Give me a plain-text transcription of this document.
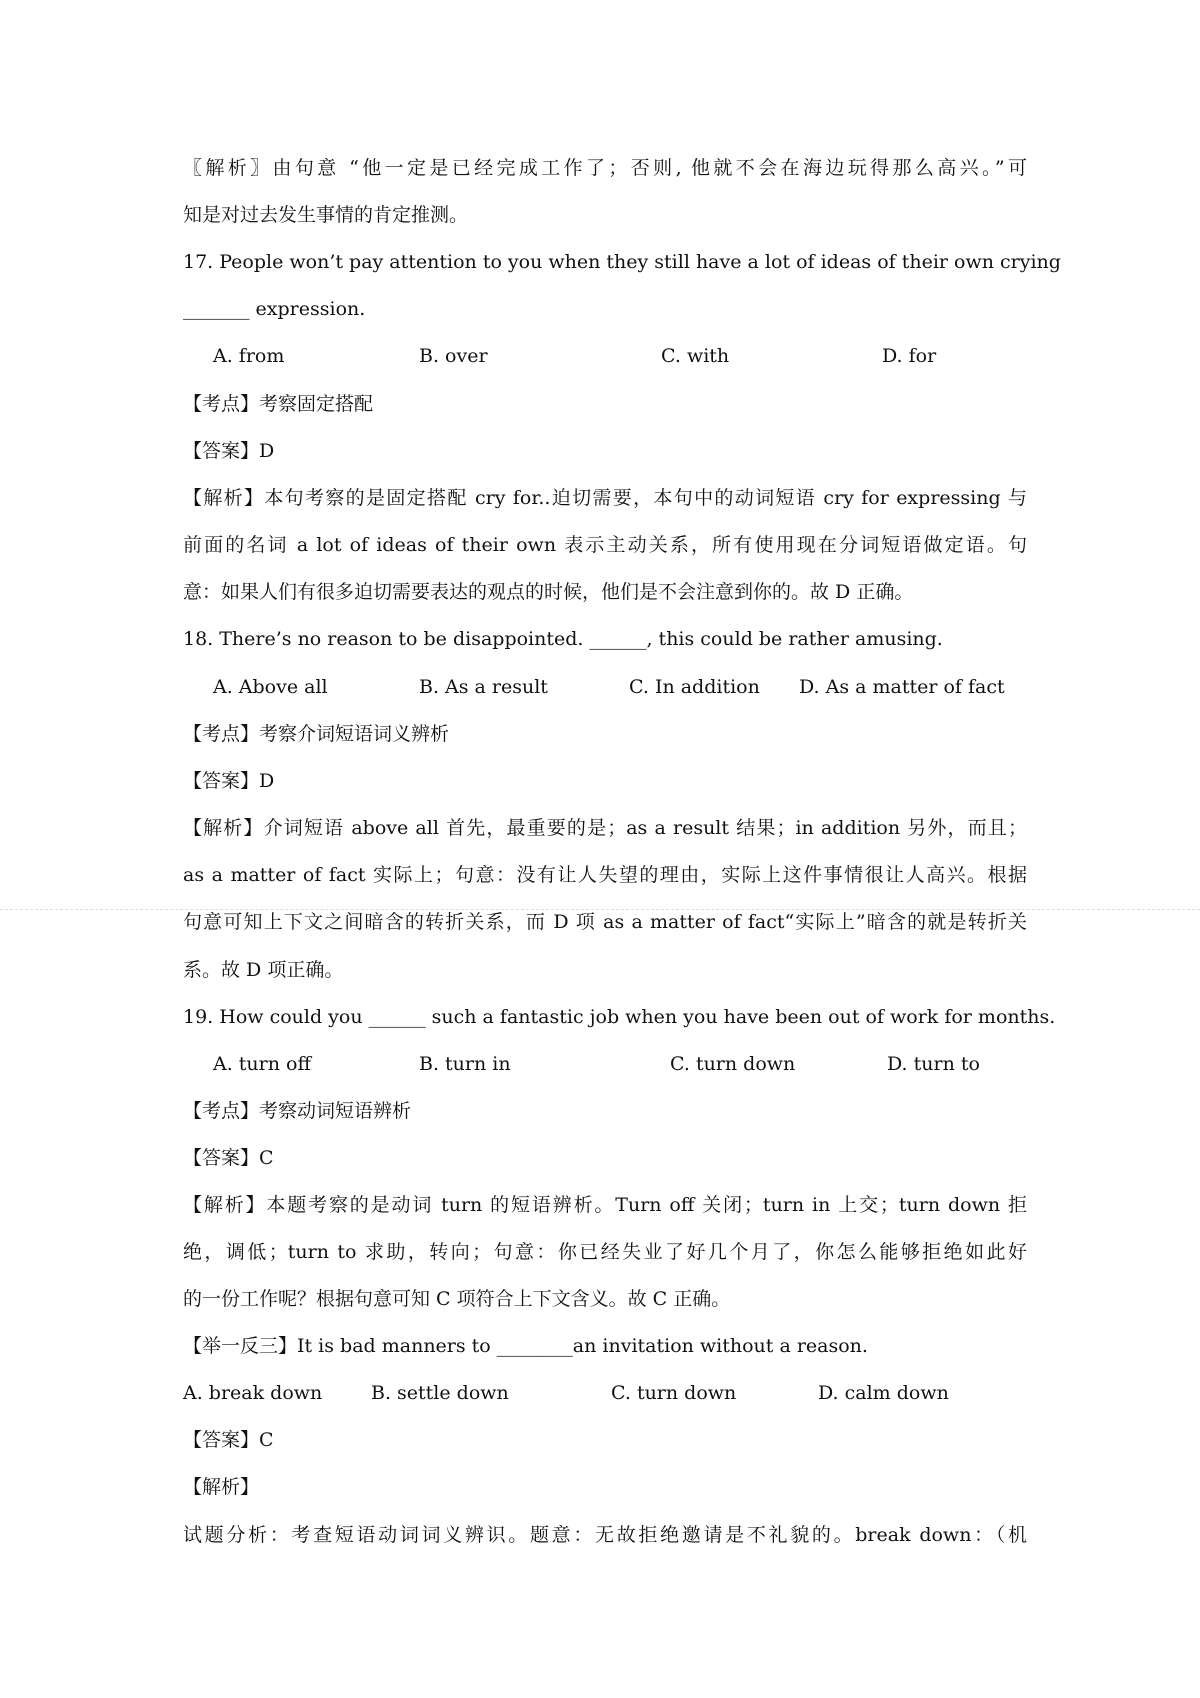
〖解析〗由句意 “他一定是已经完成工作了；否则, 他就不会在海边玩得那么高兴。”可

知是对过去发生事情的肯定推测。

17. People won’t pay attention to you when they still have a lot of ideas of their own crying

_______ expression.

A. from	B. over	C. with	D. for

【考点】考察固定搭配

【答案】D

【解析】本句考察的是固定搭配 cry for..迫切需要，本句中的动词短语 cry for expressing 与

前面的名词 a lot of ideas of their own 表示主动关系，所有使用现在分词短语做定语。句

意：如果人们有很多迫切需要表达的观点的时候，他们是不会注意到你的。故 D 正确。

18. There’s no reason to be disappointed. ______, this could be rather amusing.

A. Above all	B. As a result	C. In addition D. As a matter of fact

【考点】考察介词短语词义辨析

【答案】D

【解析】介词短语 above all 首先，最重要的是；as a result 结果；in addition 另外，而且；

as a matter of fact 实际上；句意：没有让人失望的理由，实际上这件事情很让人高兴。根据

句意可知上下文之间暗含的转折关系，而 D 项 as a matter of fact“实际上”暗含的就是转折关

系。故 D 项正确。

19. How could you ______ such a fantastic job when you have been out of work for months.

A. turn off	B. turn in	C. turn down	D. turn to

【考点】考察动词短语辨析

【答案】C

【解析】本题考察的是动词 turn 的短语辨析。Turn off 关闭；turn in 上交；turn down 拒

绝，调低；turn to 求助，转向；句意：你已经失业了好几个月了，你怎么能够拒绝如此好

的一份工作呢？根据句意可知 C 项符合上下文含义。故 C 正确。

【举一反三】It is bad manners to ________an invitation without a reason.

A. break down	B. settle down	C. turn down	D. calm down

【答案】C

【解析】

试题分析：考查短语动词词义辨识。题意：无故拒绝邀请是不礼貌的。break down：（机
